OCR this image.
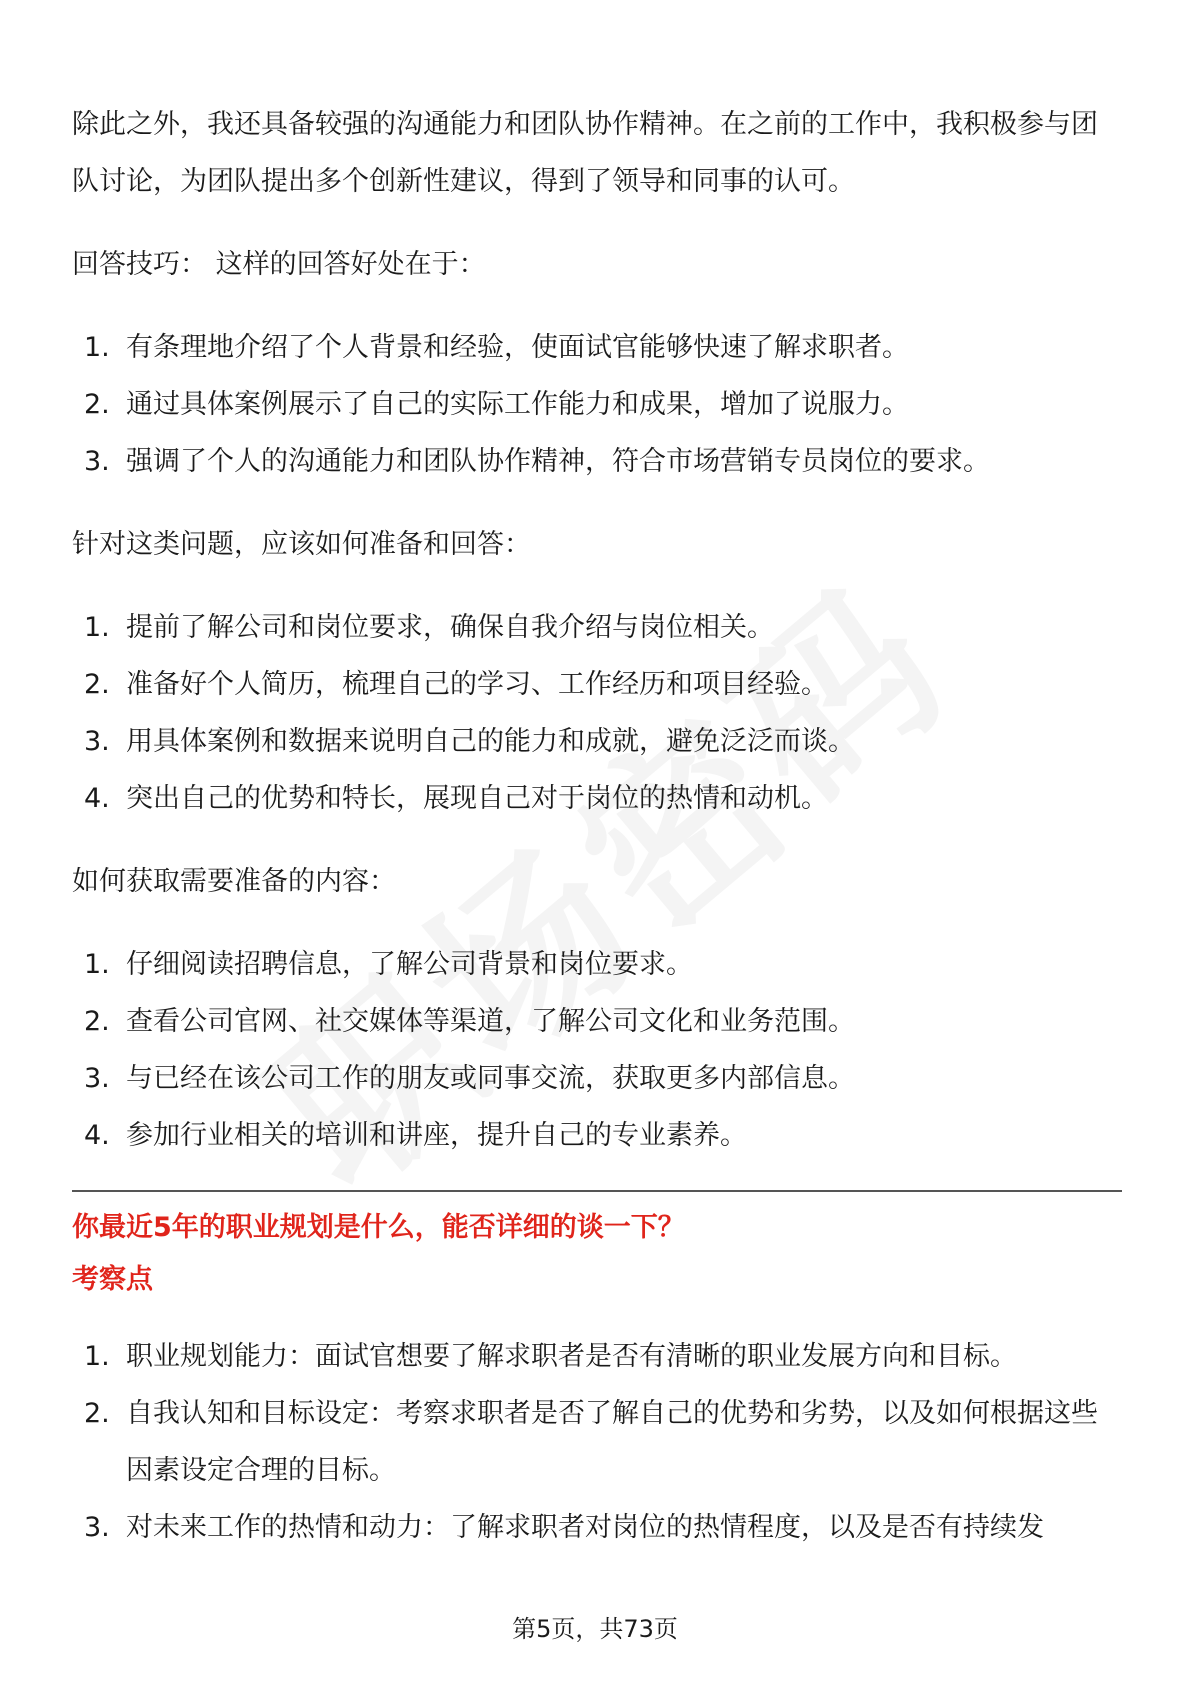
除此之外，我还具备较强的沟通能力和团队协作精神。在之前的工作中，我积极参与团队讨论，为团队提出多个创新性建议，得到了领导和同事的认可。

回答技巧： 这样的回答好处在于：

1. 有条理地介绍了个人背景和经验，使面试官能够快速了解求职者。
2. 通过具体案例展示了自己的实际工作能力和成果，增加了说服力。
3. 强调了个人的沟通能力和团队协作精神，符合市场营销专员岗位的要求。

针对这类问题，应该如何准备和回答：

1. 提前了解公司和岗位要求，确保自我介绍与岗位相关。
2. 准备好个人简历，梳理自己的学习、工作经历和项目经验。
3. 用具体案例和数据来说明自己的能力和成就，避免泛泛而谈。
4. 突出自己的优势和特长，展现自己对于岗位的热情和动机。

如何获取需要准备的内容：

1. 仔细阅读招聘信息，了解公司背景和岗位要求。
2. 查看公司官网、社交媒体等渠道，了解公司文化和业务范围。
3. 与已经在该公司工作的朋友或同事交流，获取更多内部信息。
4. 参加行业相关的培训和讲座，提升自己的专业素养。

你最近5年的职业规划是什么，能否详细的谈一下？

考察点

1. 职业规划能力：面试官想要了解求职者是否有清晰的职业发展方向和目标。
2. 自我认知和目标设定：考察求职者是否了解自己的优势和劣势，以及如何根据这些因素设定合理的目标。
3. 对未来工作的热情和动力：了解求职者对岗位的热情程度，以及是否有持续发
第5页，共73页
